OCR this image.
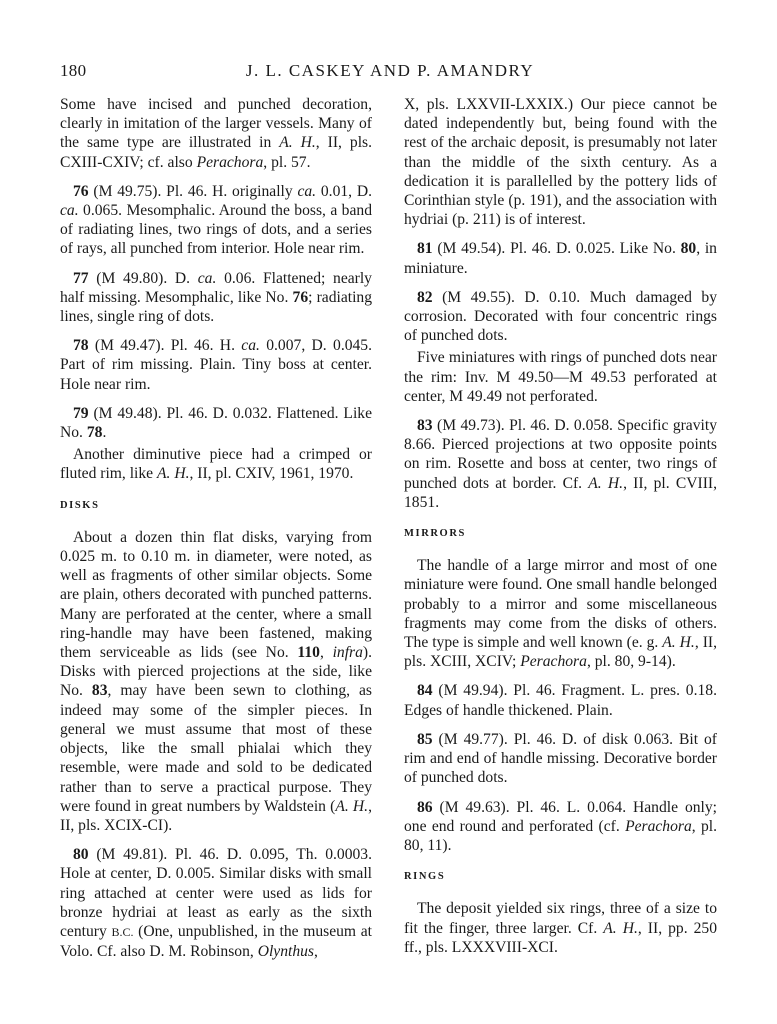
180	J. L. CASKEY AND P. AMANDRY

Some have incised and punched decoration, clearly in imitation of the larger vessels. Many of the same type are illustrated in A. H., II, pls. CXIII-CXIV; cf. also Perachora, pl. 57.

76 (M 49.75). Pl. 46. H. originally ca. 0.01, D. ca. 0.065. Mesomphalic. Around the boss, a band of radiating lines, two rings of dots, and a series of rays, all punched from interior. Hole near rim.

77 (M 49.80). D. ca. 0.06. Flattened; nearly half missing. Mesomphalic, like No. 76; radiating lines, single ring of dots.

78 (M 49.47). Pl. 46. H. ca. 0.007, D. 0.045. Part of rim missing. Plain. Tiny boss at center. Hole near rim.

79 (M 49.48). Pl. 46. D. 0.032. Flattened. Like No. 78.

Another diminutive piece had a crimped or fluted rim, like A. H., II, pl. CXIV, 1961, 1970.

DISKS

About a dozen thin flat disks, varying from 0.025 m. to 0.10 m. in diameter, were noted, as well as fragments of other similar objects. Some are plain, others decorated with punched patterns. Many are perforated at the center, where a small ring-handle may have been fastened, making them serviceable as lids (see No. 110, infra). Disks with pierced projections at the side, like No. 83, may have been sewn to clothing, as indeed may some of the simpler pieces. In general we must assume that most of these objects, like the small phialai which they resemble, were made and sold to be dedicated rather than to serve a practical purpose. They were found in great numbers by Waldstein (A. H., II, pls. XCIX-CI).

80 (M 49.81). Pl. 46. D. 0.095, Th. 0.0003. Hole at center, D. 0.005. Similar disks with small ring attached at center were used as lids for bronze hydriai at least as early as the sixth century B.C. (One, unpublished, in the museum at Volo. Cf. also D. M. Robinson, Olynthus,

X, pls. LXXVII-LXXIX.) Our piece cannot be dated independently but, being found with the rest of the archaic deposit, is presumably not later than the middle of the sixth century. As a dedication it is parallelled by the pottery lids of Corinthian style (p. 191), and the association with hydriai (p. 211) is of interest.

81 (M 49.54). Pl. 46. D. 0.025. Like No. 80, in miniature.

82 (M 49.55). D. 0.10. Much damaged by corrosion. Decorated with four concentric rings of punched dots.

Five miniatures with rings of punched dots near the rim: Inv. M 49.50—M 49.53 perforated at center, M 49.49 not perforated.

83 (M 49.73). Pl. 46. D. 0.058. Specific gravity 8.66. Pierced projections at two opposite points on rim. Rosette and boss at center, two rings of punched dots at border. Cf. A. H., II, pl. CVIII, 1851.

MIRRORS

The handle of a large mirror and most of one miniature were found. One small handle belonged probably to a mirror and some miscellaneous fragments may come from the disks of others. The type is simple and well known (e. g. A. H., II, pls. XCIII, XCIV; Perachora, pl. 80, 9-14).

84 (M 49.94). Pl. 46. Fragment. L. pres. 0.18. Edges of handle thickened. Plain.

85 (M 49.77). Pl. 46. D. of disk 0.063. Bit of rim and end of handle missing. Decorative border of punched dots.

86 (M 49.63). Pl. 46. L. 0.064. Handle only; one end round and perforated (cf. Perachora, pl. 80, 11).

RINGS

The deposit yielded six rings, three of a size to fit the finger, three larger. Cf. A. H., II, pp. 250 ff., pls. LXXXVIII-XCI.
